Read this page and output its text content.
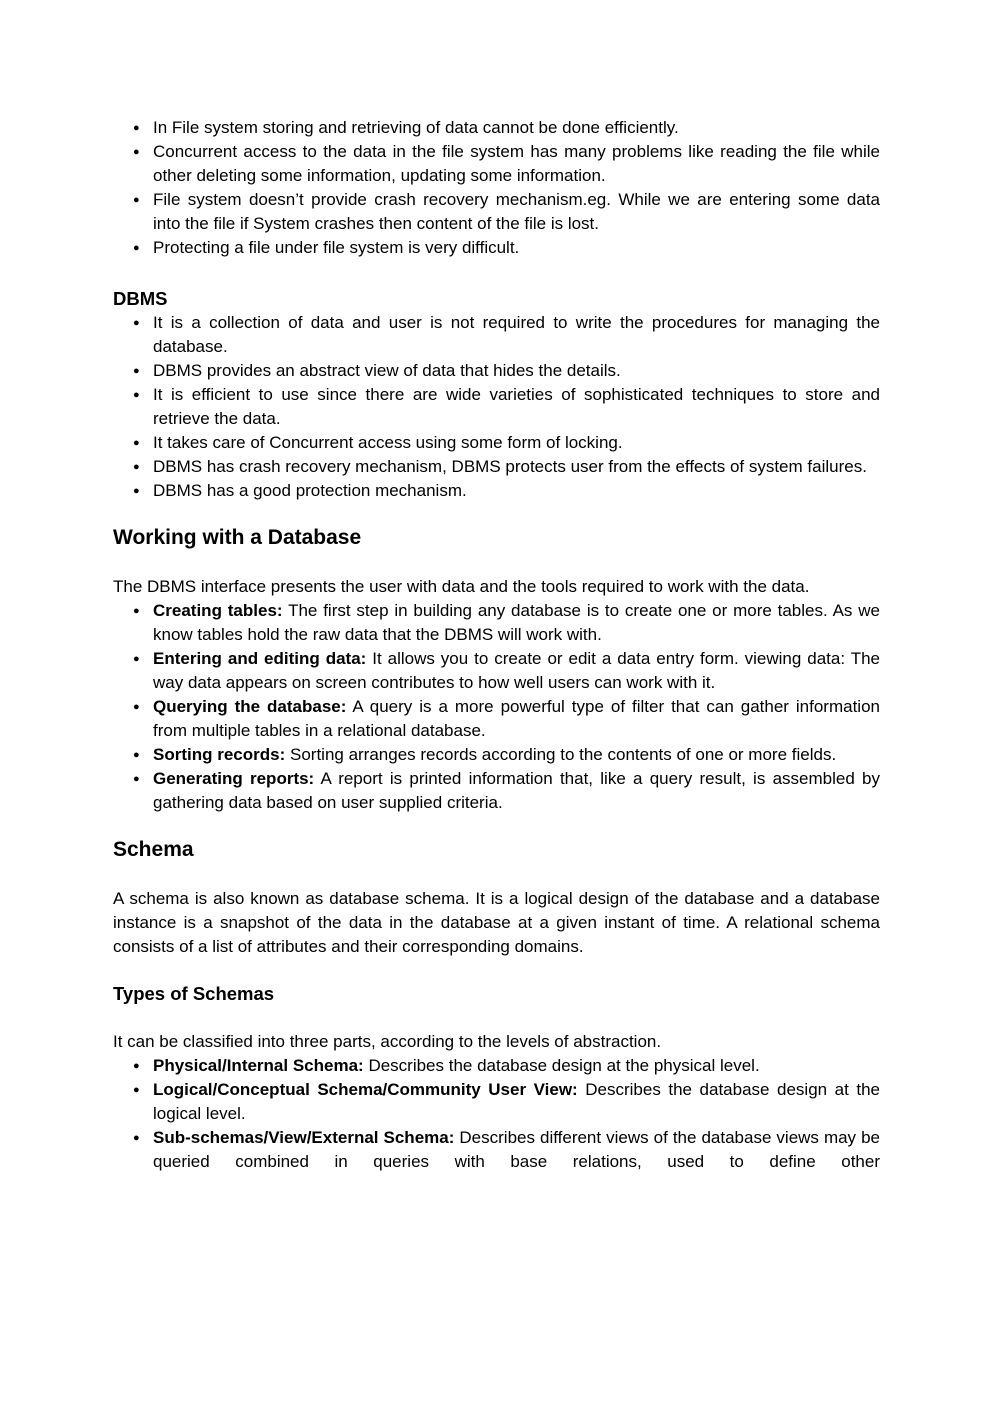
● In File system storing and retrieving of data cannot be done efficiently.
● Concurrent access to the data in the file system has many problems like reading the file while other deleting some information, updating some information.
● File system doesn’t provide crash recovery mechanism.eg. While we are entering some data into the file if System crashes then content of the file is lost.
● Protecting a file under file system is very difficult.
DBMS
● It is a collection of data and user is not required to write the procedures for managing the database.
● DBMS provides an abstract view of data that hides the details.
● It is efficient to use since there are wide varieties of sophisticated techniques to store and retrieve the data.
● It takes care of Concurrent access using some form of locking.
● DBMS has crash recovery mechanism, DBMS protects user from the effects of system failures.
● DBMS has a good protection mechanism.
Working with a Database

The DBMS interface presents the user with data and the tools required to work with the data.

● Creating tables: The first step in building any database is to create one or more tables. As we know tables hold the raw data that the DBMS will work with.
● Entering and editing data: It allows you to create or edit a data entry form. viewing data: The way data appears on screen contributes to how well users can work with it.
● Querying the database: A query is a more powerful type of filter that can gather information from multiple tables in a relational database.
● Sorting records: Sorting arranges records according to the contents of one or more fields.
● Generating reports: A report is printed information that, like a query result, is assembled by gathering data based on user supplied criteria.
Schema

A schema is also known as database schema. It is a logical design of the database and a database instance is a snapshot of the data in the database at a given instant of time. A relational schema consists of a list of attributes and their corresponding domains.

Types of Schemas

It can be classified into three parts, according to the levels of abstraction.

● Physical/Internal Schema: Describes the database design at the physical level.
● Logical/Conceptual Schema/Community User View: Describes the database design at the logical level.
● Sub-schemas/View/External Schema: Describes different views of the database views may be queried combined in queries with base relations, used to define other
